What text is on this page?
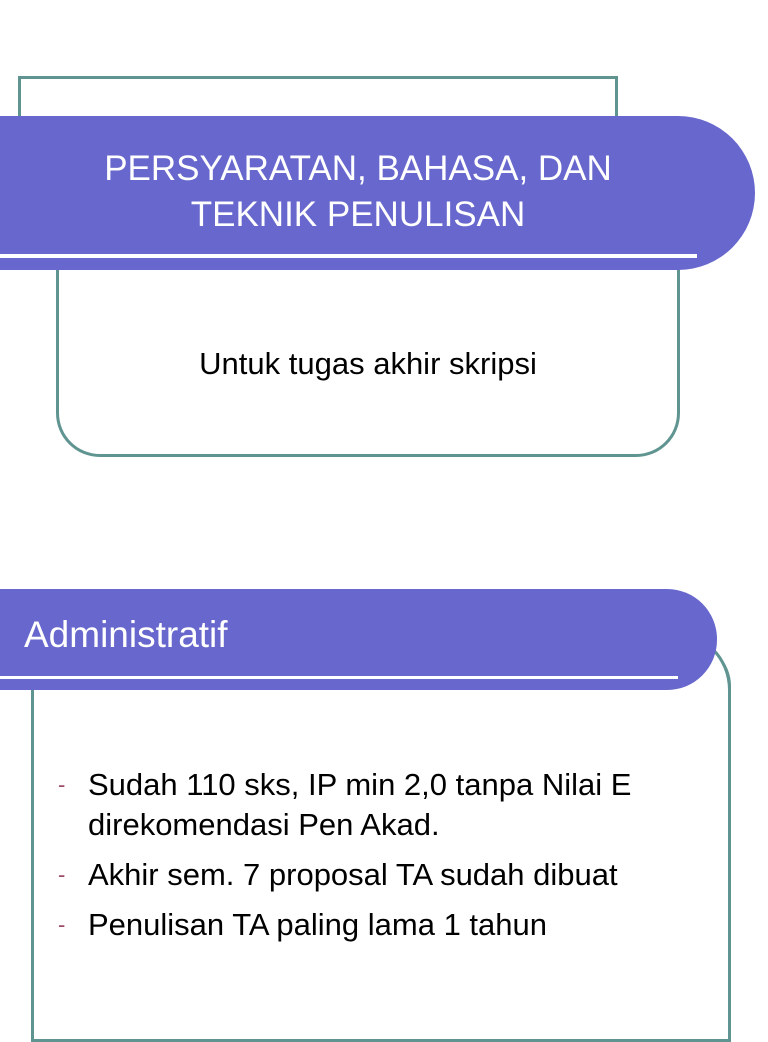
PERSYARATAN, BAHASA, DAN
TEKNIK PENULISAN

Untuk tugas akhir skripsi

Administratif
- Sudah 110 sks, IP min 2,0 tanpa Nilai E direkomendasi Pen Akad.
- Akhir sem. 7 proposal TA sudah dibuat
- Penulisan TA paling lama 1 tahun
